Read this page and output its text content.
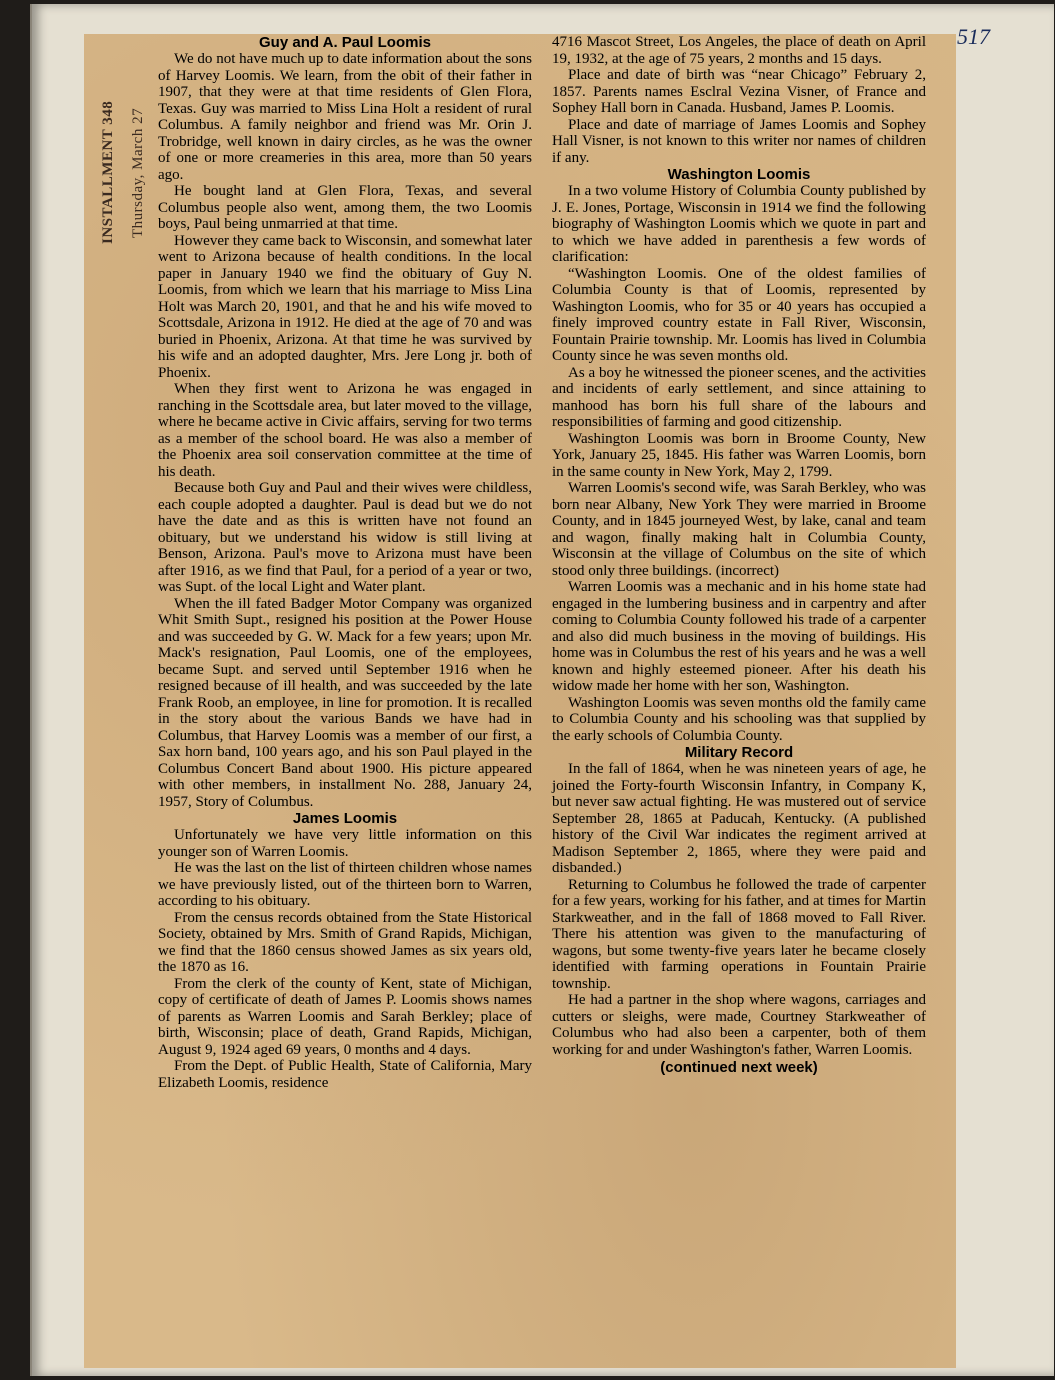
INSTALLMENT 348 Thursday, March 27
517
Guy and A. Paul Loomis

We do not have much up to date information about the sons of Harvey Loomis. We learn, from the obit of their father in 1907, that they were at that time residents of Glen Flora, Texas. Guy was married to Miss Lina Holt a resident of rural Columbus. A family neighbor and friend was Mr. Orin J. Trobridge, well known in dairy circles, as he was the owner of one or more creameries in this area, more than 50 years ago.

He bought land at Glen Flora, Texas, and several Columbus people also went, among them, the two Loomis boys, Paul being unmarried at that time.

However they came back to Wisconsin, and somewhat later went to Arizona because of health conditions. In the local paper in January 1940 we find the obituary of Guy N. Loomis, from which we learn that his marriage to Miss Lina Holt was March 20, 1901, and that he and his wife moved to Scottsdale, Arizona in 1912. He died at the age of 70 and was buried in Phoenix, Arizona. At that time he was survived by his wife and an adopted daughter, Mrs. Jere Long jr. both of Phoenix.

When they first went to Arizona he was engaged in ranching in the Scottsdale area, but later moved to the village, where he became active in Civic affairs, serving for two terms as a member of the school board. He was also a member of the Phoenix area soil conservation committee at the time of his death.

Because both Guy and Paul and their wives were childless, each couple adopted a daughter. Paul is dead but we do not have the date and as this is written have not found an obituary, but we understand his widow is still living at Benson, Arizona. Paul's move to Arizona must have been after 1916, as we find that Paul, for a period of a year or two, was Supt. of the local Light and Water plant.

When the ill fated Badger Motor Company was organized Whit Smith Supt., resigned his position at the Power House and was succeeded by G. W. Mack for a few years; upon Mr. Mack's resignation, Paul Loomis, one of the employees, became Supt. and served until September 1916 when he resigned because of ill health, and was succeeded by the late Frank Roob, an employee, in line for promotion. It is recalled in the story about the various Bands we have had in Columbus, that Harvey Loomis was a member of our first, a Sax horn band, 100 years ago, and his son Paul played in the Columbus Concert Band about 1900. His picture appeared with other members, in installment No. 288, January 24, 1957, Story of Columbus.

James Loomis

Unfortunately we have very little information on this younger son of Warren Loomis.

He was the last on the list of thirteen children whose names we have previously listed, out of the thirteen born to Warren, according to his obituary.

From the census records obtained from the State Historical Society, obtained by Mrs. Smith of Grand Rapids, Michigan, we find that the 1860 census showed James as six years old, the 1870 as 16.

From the clerk of the county of Kent, state of Michigan, copy of certificate of death of James P. Loomis shows names of parents as Warren Loomis and Sarah Berkley; place of birth, Wisconsin; place of death, Grand Rapids, Michigan, August 9, 1924 aged 69 years, 0 months and 4 days.

From the Dept. of Public Health, State of California, Mary Elizabeth Loomis, residence

4716 Mascot Street, Los Angeles, the place of death on April 19, 1932, at the age of 75 years, 2 months and 15 days.

Place and date of birth was “near Chicago” February 2, 1857. Parents names Esclral Vezina Visner, of France and Sophey Hall born in Canada. Husband, James P. Loomis.

Place and date of marriage of James Loomis and Sophey Hall Visner, is not known to this writer nor names of children if any.

Washington Loomis

In a two volume History of Columbia County published by J. E. Jones, Portage, Wisconsin in 1914 we find the following biography of Washington Loomis which we quote in part and to which we have added in parenthesis a few words of clarification:

“Washington Loomis. One of the oldest families of Columbia County is that of Loomis, represented by Washington Loomis, who for 35 or 40 years has occupied a finely improved country estate in Fall River, Wisconsin, Fountain Prairie township. Mr. Loomis has lived in Columbia County since he was seven months old.

As a boy he witnessed the pioneer scenes, and the activities and incidents of early settlement, and since attaining to manhood has born his full share of the labours and responsibilities of farming and good citizenship.

Washington Loomis was born in Broome County, New York, January 25, 1845. His father was Warren Loomis, born in the same county in New York, May 2, 1799.

Warren Loomis's second wife, was Sarah Berkley, who was born near Albany, New York They were married in Broome County, and in 1845 journeyed West, by lake, canal and team and wagon, finally making halt in Columbia County, Wisconsin at the village of Columbus on the site of which stood only three buildings. (incorrect)

Warren Loomis was a mechanic and in his home state had engaged in the lumbering business and in carpentry and after coming to Columbia County followed his trade of a carpenter and also did much business in the moving of buildings. His home was in Columbus the rest of his years and he was a well known and highly esteemed pioneer. After his death his widow made her home with her son, Washington.

Washington Loomis was seven months old the family came to Columbia County and his schooling was that supplied by the early schools of Columbia County.

Military Record

In the fall of 1864, when he was nineteen years of age, he joined the Forty-fourth Wisconsin Infantry, in Company K, but never saw actual fighting. He was mustered out of service September 28, 1865 at Paducah, Kentucky. (A published history of the Civil War indicates the regiment arrived at Madison September 2, 1865, where they were paid and disbanded.)

Returning to Columbus he followed the trade of carpenter for a few years, working for his father, and at times for Martin Starkweather, and in the fall of 1868 moved to Fall River. There his attention was given to the manufacturing of wagons, but some twenty-five years later he became closely identified with farming operations in Fountain Prairie township.

He had a partner in the shop where wagons, carriages and cutters or sleighs, were made, Courtney Starkweather of Columbus who had also been a carpenter, both of them working for and under Washington's father, Warren Loomis.

(continued next week)
